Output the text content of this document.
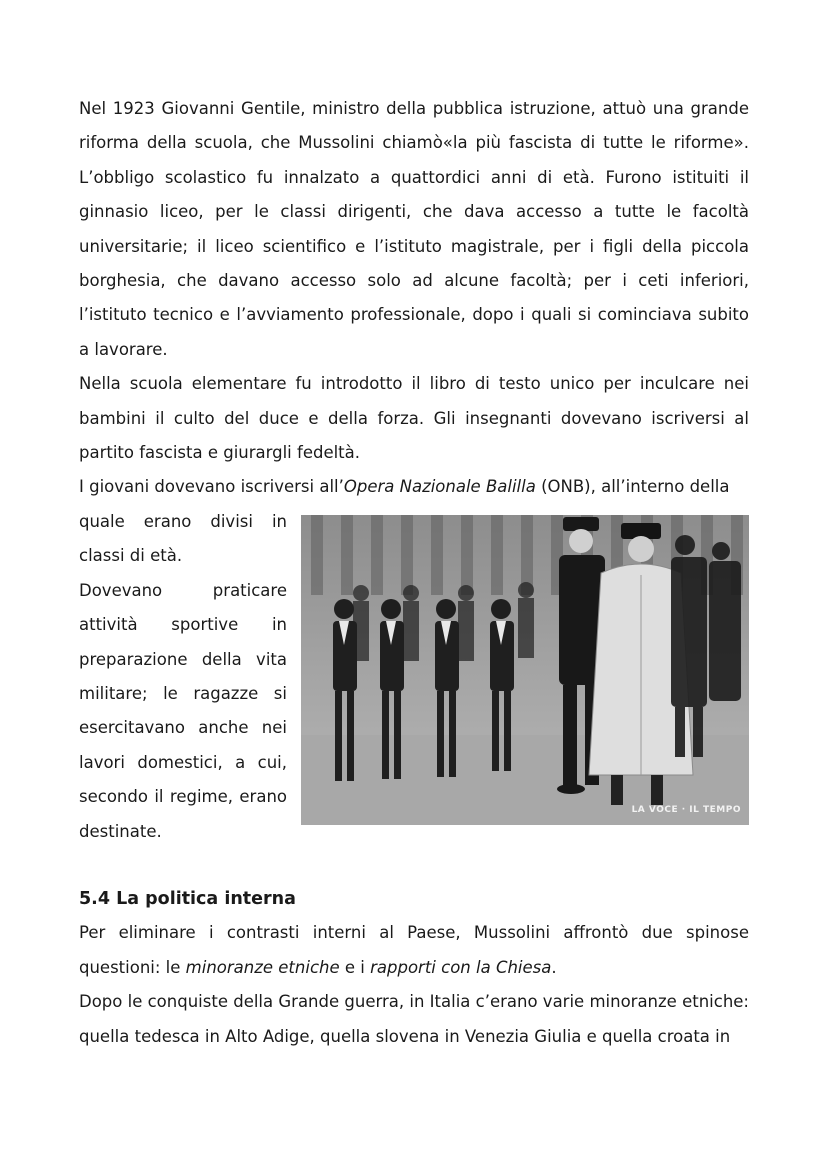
Nel 1923 Giovanni Gentile, ministro della pubblica istruzione, attuò una grande riforma della scuola, che Mussolini chiamò«la più fascista di tutte le riforme». L’obbligo scolastico fu innalzato a quattordici anni di età. Furono istituiti il ginnasio liceo, per le classi dirigenti, che dava accesso a tutte le facoltà universitarie; il liceo scientifico e l’istituto magistrale, per i figli della piccola borghesia, che davano accesso solo ad alcune facoltà; per i ceti inferiori, l’istituto tecnico e l’avviamento professionale, dopo i quali si cominciava subito a lavorare.

Nella scuola elementare fu introdotto il libro di testo unico per inculcare nei bambini il culto del duce e della forza. Gli insegnanti dovevano iscriversi al partito fascista e giurargli fedeltà.

I giovani dovevano iscriversi all’Opera Nazionale Balilla (ONB), all’interno della

quale erano divisi in
classi di età.
Dovevano praticare
attività sportive in
preparazione della vita
militare; le ragazze si
esercitavano anche nei
lavori domestici, a cui,
secondo il regime, erano
destinate.
LA VOCE · IL TEMPO
5.4 La politica interna

Per eliminare i contrasti interni al Paese, Mussolini affrontò due spinose questioni: le minoranze etniche e i rapporti con la Chiesa.

Dopo le conquiste della Grande guerra, in Italia c’erano varie minoranze etniche: quella tedesca in Alto Adige, quella slovena in Venezia Giulia e quella croata in
